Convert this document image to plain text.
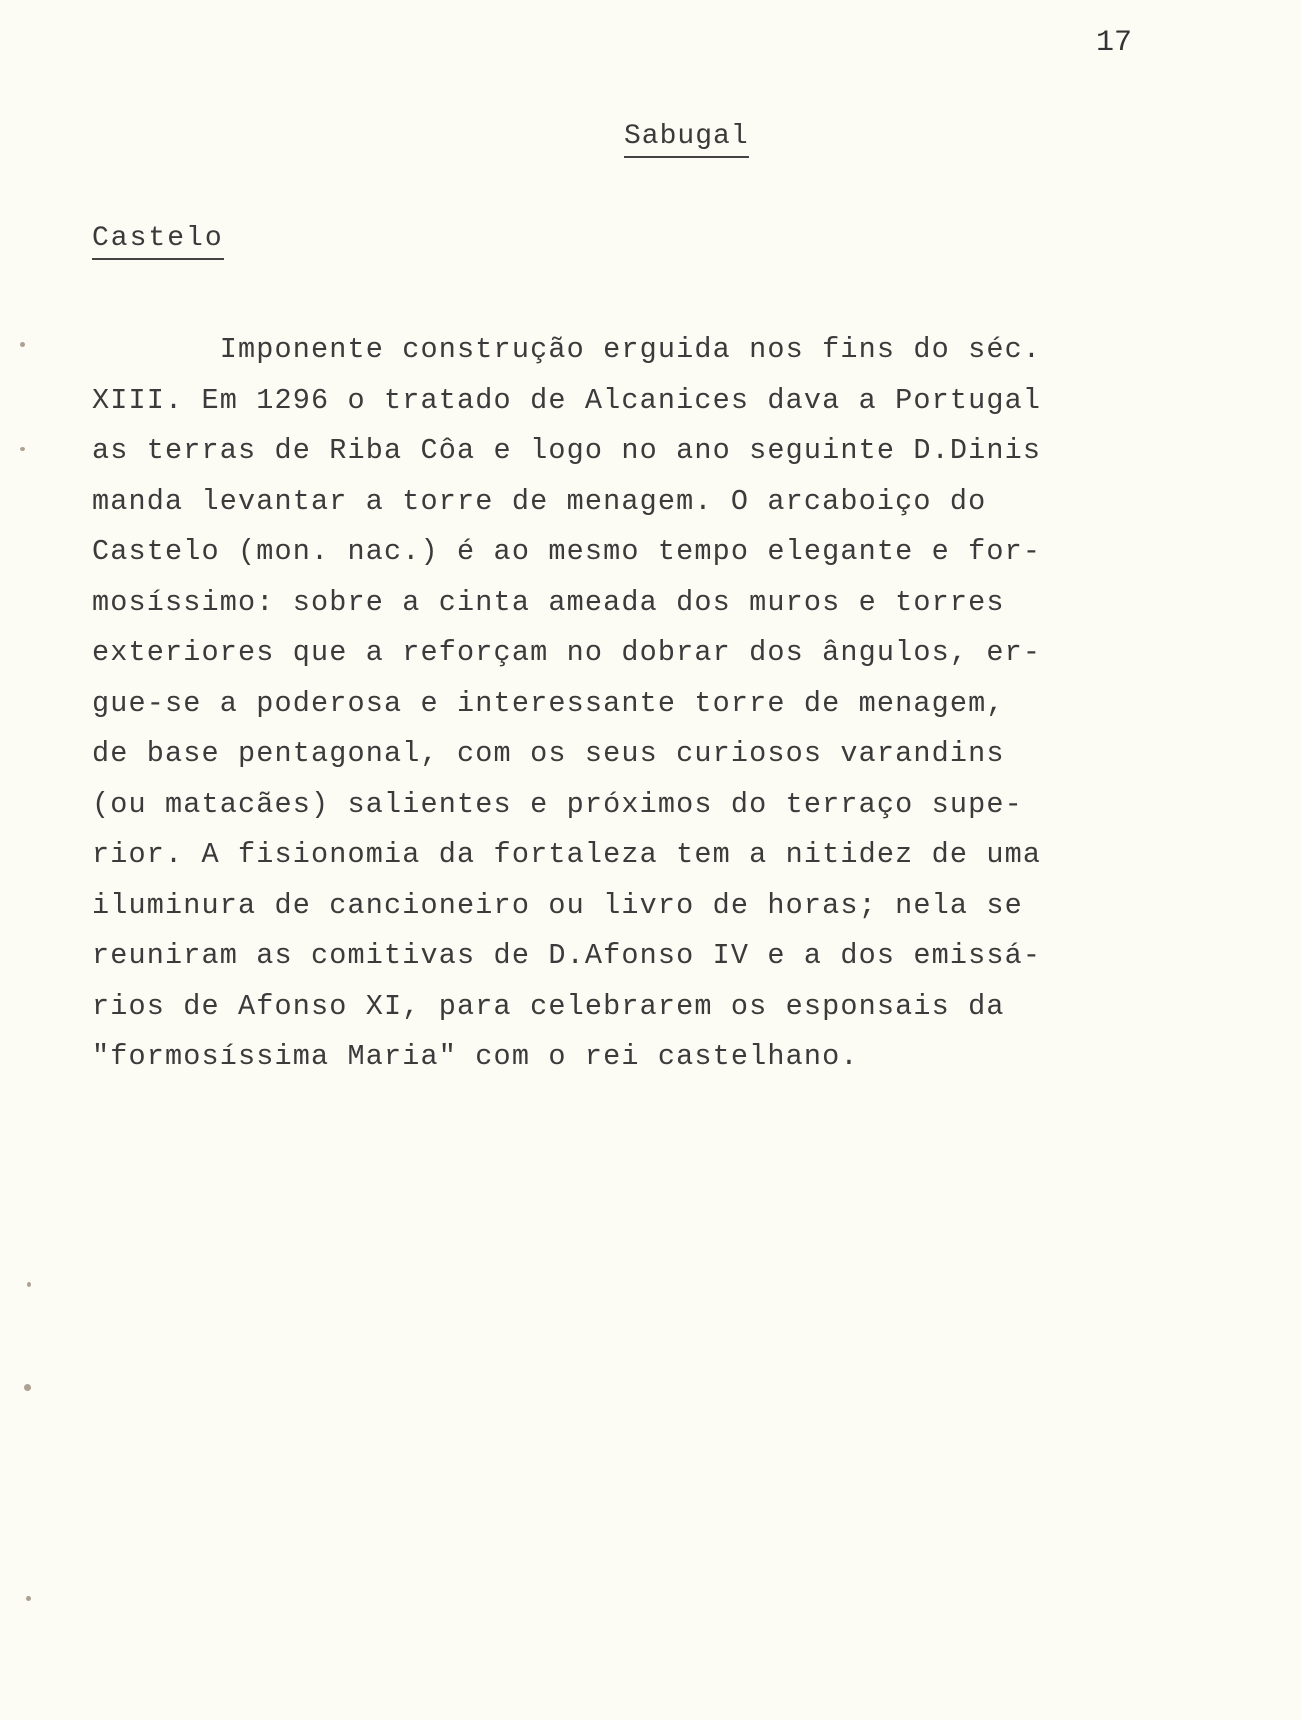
17
Sabugal
Castelo
Imponente construção erguida nos fins do séc.
XIII. Em 1296 o tratado de Alcanices dava a Portugal
as terras de Riba Côa e logo no ano seguinte D.Dinis
manda levantar a torre de menagem. O arcaboiço do
Castelo (mon. nac.) é ao mesmo tempo elegante e for-
mosíssimo: sobre a cinta ameada dos muros e torres
exteriores que a reforçam no dobrar dos ângulos, er-
gue-se a poderosa e interessante torre de menagem,
de base pentagonal, com os seus curiosos varandins
(ou matacães) salientes e próximos do terraço supe-
rior. A fisionomia da fortaleza tem a nitidez de uma
iluminura de cancioneiro ou livro de horas; nela se
reuniram as comitivas de D.Afonso IV e a dos emissá-
rios de Afonso XI, para celebrarem os esponsais da
"formosíssima Maria" com o rei castelhano.
